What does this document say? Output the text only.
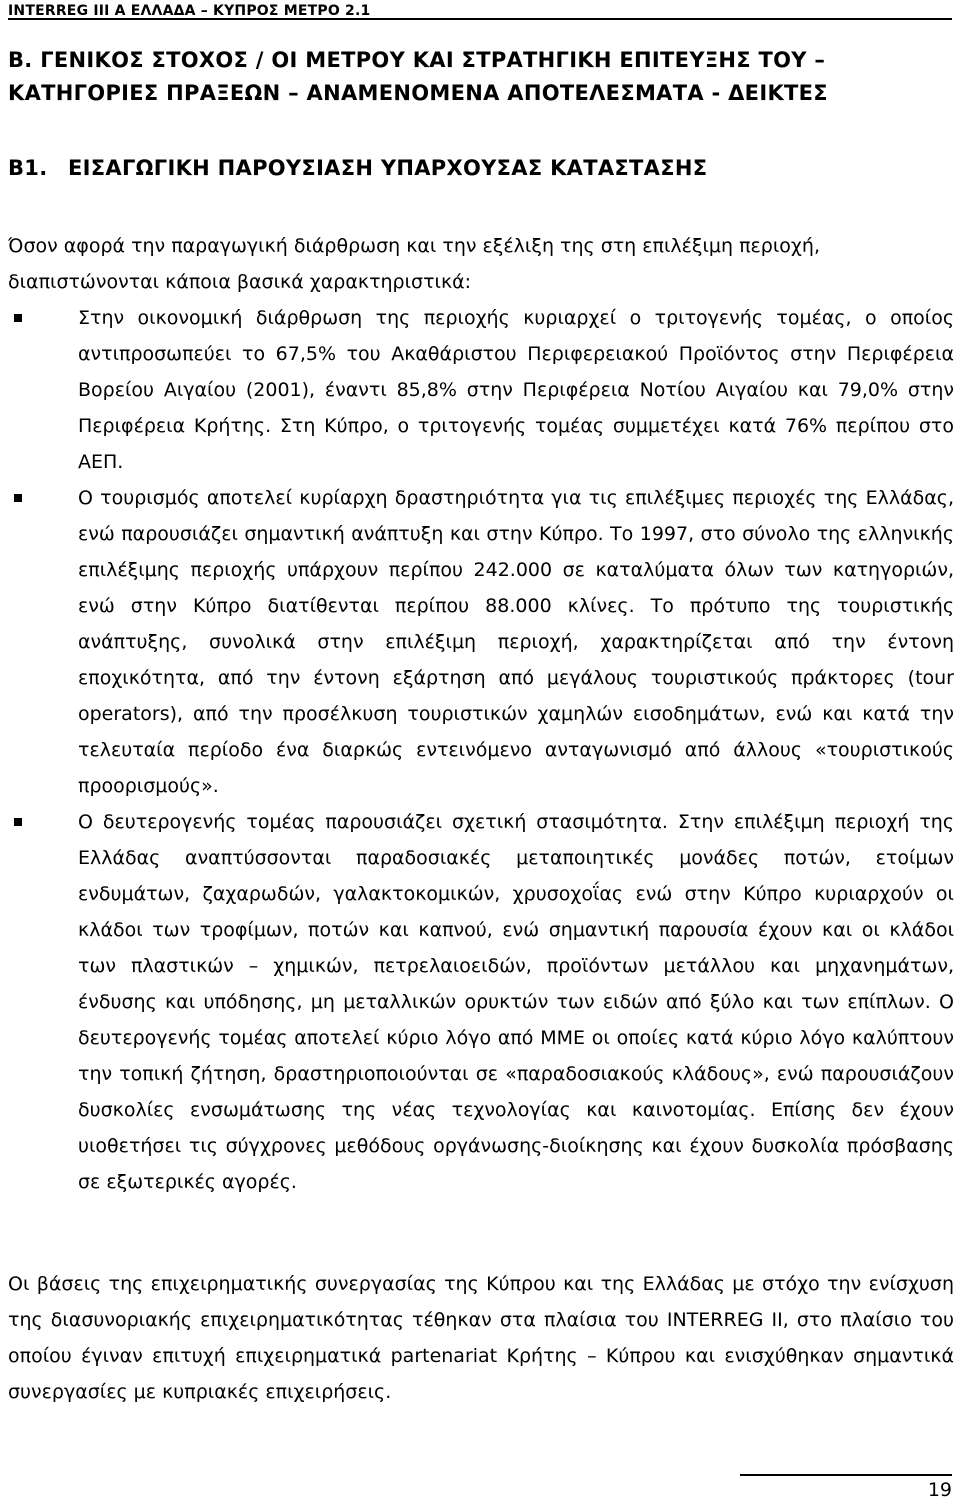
INTERREG III A ΕΛΛΑΔΑ – ΚΥΠΡΟΣ ΜΕΤΡΟ 2.1
B. ΓΕΝΙΚΟΣ ΣΤΟΧΟΣ / ΟΙ ΜΕΤΡΟΥ ΚΑΙ ΣΤΡΑΤΗΓΙΚΗ ΕΠΙΤΕΥΞΗΣ ΤΟΥ – ΚΑΤΗΓΟΡΙΕΣ ΠΡΑΞΕΩΝ – ΑΝΑΜΕΝΟΜΕΝΑ ΑΠΟΤΕΛΕΣΜΑΤΑ - ΔΕΙΚΤΕΣ
B1. ΕΙΣΑΓΩΓΙΚΗ ΠΑΡΟΥΣΙΑΣΗ ΥΠΑΡΧΟΥΣΑΣ ΚΑΤΑΣΤΑΣΗΣ
Όσον αφορά την παραγωγική διάρθρωση και την εξέλιξη της στη επιλέξιμη περιοχή, διαπιστώνονται κάποια βασικά χαρακτηριστικά:
Στην οικονομική διάρθρωση της περιοχής κυριαρχεί ο τριτογενής τομέας, ο οποίος αντιπροσωπεύει το 67,5% του Ακαθάριστου Περιφερειακού Προϊόντος στην Περιφέρεια Βορείου Αιγαίου (2001), έναντι 85,8% στην Περιφέρεια Νοτίου Αιγαίου και 79,0% στην Περιφέρεια Κρήτης. Στη Κύπρο, ο τριτογενής τομέας συμμετέχει κατά 76% περίπου στο ΑΕΠ.
Ο τουρισμός αποτελεί κυρίαρχη δραστηριότητα για τις επιλέξιμες περιοχές της Ελλάδας, ενώ παρουσιάζει σημαντική ανάπτυξη και στην Κύπρο. Το 1997, στο σύνολο της ελληνικής επιλέξιμης περιοχής υπάρχουν περίπου 242.000 σε καταλύματα όλων των κατηγοριών, ενώ στην Κύπρο διατίθενται περίπου 88.000 κλίνες. Το πρότυπο της τουριστικής ανάπτυξης, συνολικά στην επιλέξιμη περιοχή, χαρακτηρίζεται από την έντονη εποχικότητα, από την έντονη εξάρτηση από μεγάλους τουριστικούς πράκτορες (tour operators), από την προσέλκυση τουριστικών χαμηλών εισοδημάτων, ενώ και κατά την τελευταία περίοδο ένα διαρκώς εντεινόμενο ανταγωνισμό από άλλους «τουριστικούς προορισμούς».
Ο δευτερογενής τομέας παρουσιάζει σχετική στασιμότητα. Στην επιλέξιμη περιοχή της Ελλάδας αναπτύσσονται παραδοσιακές μεταποιητικές μονάδες ποτών, ετοίμων ενδυμάτων, ζαχαρωδών, γαλακτοκομικών, χρυσοχοΐας ενώ στην Κύπρο κυριαρχούν οι κλάδοι των τροφίμων, ποτών και καπνού, ενώ σημαντική παρουσία έχουν και οι κλάδοι των πλαστικών – χημικών, πετρελαιοειδών, προϊόντων μετάλλου και μηχανημάτων, ένδυσης και υπόδησης, μη μεταλλικών ορυκτών των ειδών από ξύλο και των επίπλων. Ο δευτερογενής τομέας αποτελεί κύριο λόγο από ΜΜΕ οι οποίες κατά κύριο λόγο καλύπτουν την τοπική ζήτηση, δραστηριοποιούνται σε «παραδοσιακούς κλάδους», ενώ παρουσιάζουν δυσκολίες ενσωμάτωσης της νέας τεχνολογίας και καινοτομίας. Επίσης δεν έχουν υιοθετήσει τις σύγχρονες μεθόδους οργάνωσης-διοίκησης και έχουν δυσκολία πρόσβασης σε εξωτερικές αγορές.
Οι βάσεις της επιχειρηματικής συνεργασίας της Κύπρου και της Ελλάδας με στόχο την ενίσχυση της διασυνοριακής επιχειρηματικότητας τέθηκαν στα πλαίσια του INTERREG II, στο πλαίσιο του οποίου έγιναν επιτυχή επιχειρηματικά partenariat Κρήτης – Κύπρου και ενισχύθηκαν σημαντικά συνεργασίες με κυπριακές επιχειρήσεις.
19
